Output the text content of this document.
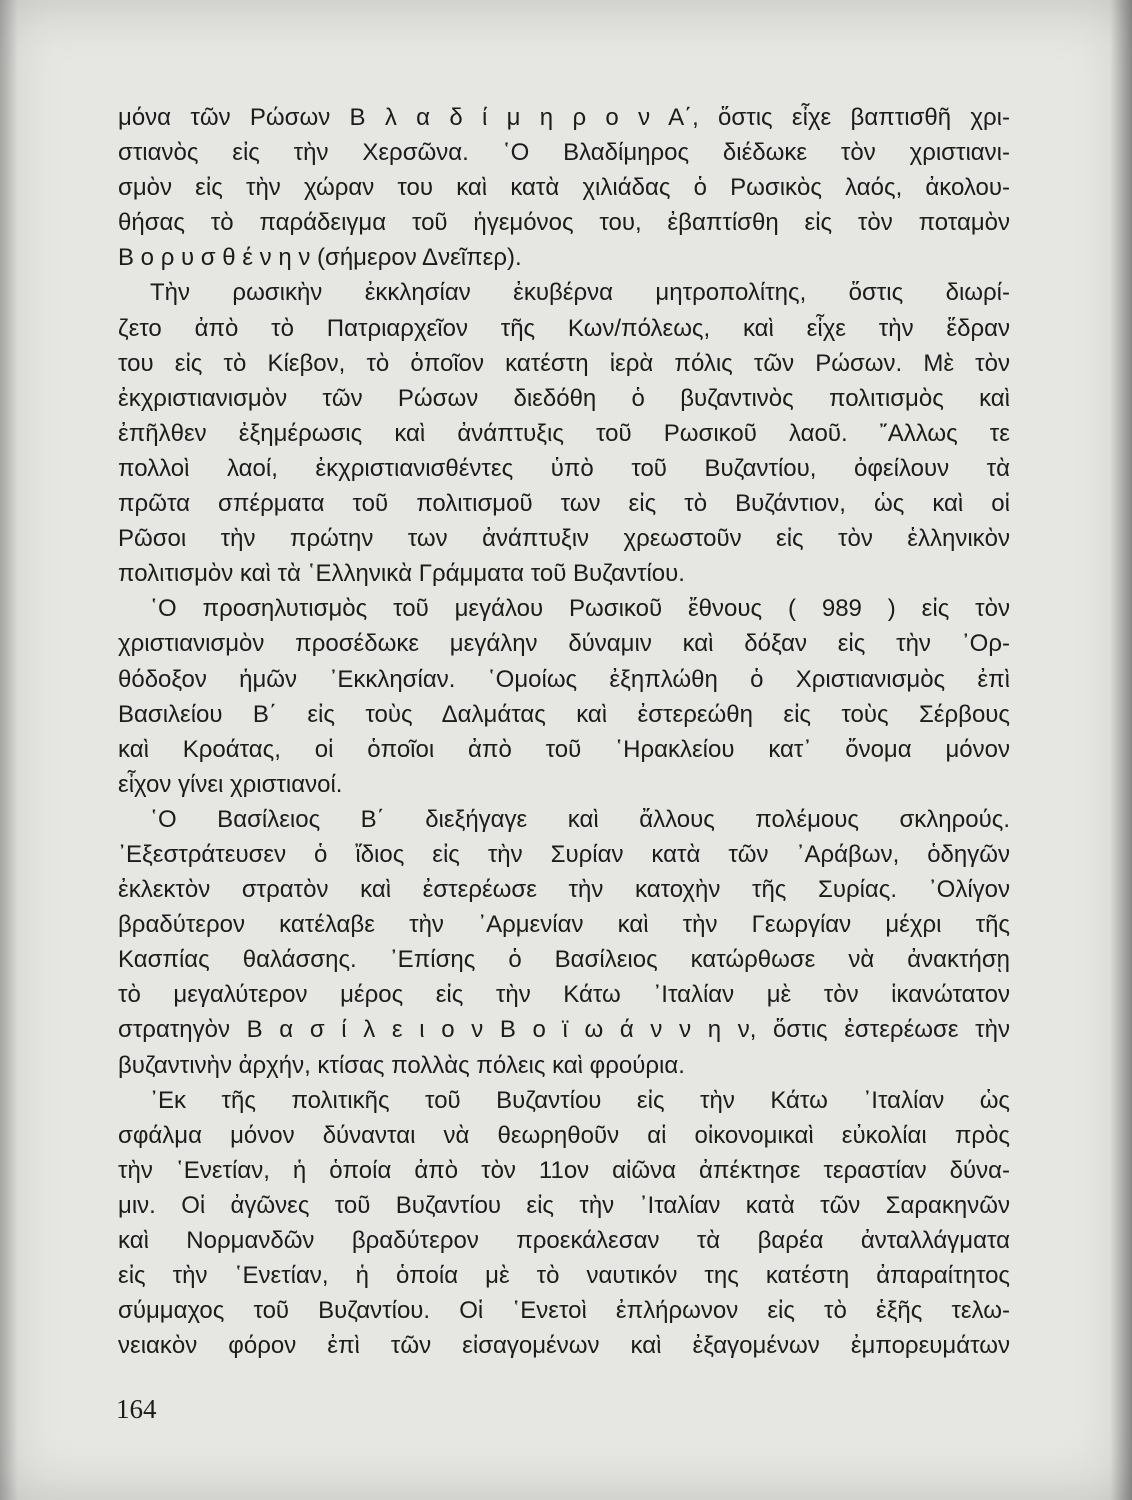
μόνα τῶν Ρώσων Β λ α δ ί μ η ρ ο ν Α΄, ὅστις εἶχε βαπτισθῆ χρι-
στιανὸς εἰς τὴν Χερσῶνα. ῾Ο Βλαδίμηρος διέδωκε τὸν χριστιανι-
σμὸν εἰς τὴν χώραν του καὶ κατὰ χιλιάδας ὁ Ρωσικὸς λαός, ἀκολου-
θήσας τὸ παράδειγμα τοῦ ἡγεμόνος του, ἐβαπτίσθη εἰς τὸν ποταμὸν
Β ο ρ υ σ θ έ ν η ν (σήμερον Δνεῖπερ).
Τὴν ρωσικὴν ἐκκλησίαν ἐκυβέρνα μητροπολίτης, ὅστις διωρί-
ζετο ἀπὸ τὸ Πατριαρχεῖον τῆς Κων/πόλεως, καὶ εἶχε τὴν ἕδραν
του εἰς τὸ Κίεβον, τὸ ὁποῖον κατέστη ἱερὰ πόλις τῶν Ρώσων. Μὲ τὸν
ἐκχριστιανισμὸν τῶν Ρώσων διεδόθη ὁ βυζαντινὸς πολιτισμὸς καὶ
ἐπῆλθεν ἐξημέρωσις καὶ ἀνάπτυξις τοῦ Ρωσικοῦ λαοῦ. ῎Αλλως τε
πολλοὶ λαοί, ἐκχριστιανισθέντες ὑπὸ τοῦ Βυζαντίου, ὀφείλουν τὰ
πρῶτα σπέρματα τοῦ πολιτισμοῦ των εἰς τὸ Βυζάντιον, ὡς καὶ οἱ
Ρῶσοι τὴν πρώτην των ἀνάπτυξιν χρεωστοῦν εἰς τὸν ἑλληνικὸν
πολιτισμὸν καὶ τὰ ῾Ελληνικὰ Γράμματα τοῦ Βυζαντίου.
῾Ο προσηλυτισμὸς τοῦ μεγάλου Ρωσικοῦ ἔθνους ( 989 ) εἰς τὸν
χριστιανισμὸν προσέδωκε μεγάλην δύναμιν καὶ δόξαν εἰς τὴν ᾿Ορ-
θόδοξον ἡμῶν ᾿Εκκλησίαν. ῾Ομοίως ἐξηπλώθη ὁ Χριστιανισμὸς ἐπὶ
Βασιλείου Β΄ εἰς τοὺς Δαλμάτας καὶ ἐστερεώθη εἰς τοὺς Σέρβους
καὶ Κροάτας, οἱ ὁποῖοι ἀπὸ τοῦ ῾Ηρακλείου κατ᾿ ὄνομα μόνον
εἶχον γίνει χριστιανοί.
῾Ο Βασίλειος Β΄ διεξήγαγε καὶ ἄλλους πολέμους σκληρούς.
᾿Εξεστράτευσεν ὁ ἴδιος εἰς τὴν Συρίαν κατὰ τῶν ᾿Αράβων, ὁδηγῶν
ἐκλεκτὸν στρατὸν καὶ ἐστερέωσε τὴν κατοχὴν τῆς Συρίας. ᾿Ολίγον
βραδύτερον κατέλαβε τὴν ᾿Αρμενίαν καὶ τὴν Γεωργίαν μέχρι τῆς
Κασπίας θαλάσσης. ᾿Επίσης ὁ Βασίλειος κατώρθωσε νὰ ἀνακτήσῃ
τὸ μεγαλύτερον μέρος εἰς τὴν Κάτω ᾿Ιταλίαν μὲ τὸν ἱκανώτατον
στρατηγὸν Β α σ ί λ ε ι ο ν Β ο ϊ ω ά ν ν η ν, ὅστις ἐστερέωσε τὴν
βυζαντινὴν ἀρχήν, κτίσας πολλὰς πόλεις καὶ φρούρια.
᾿Εκ τῆς πολιτικῆς τοῦ Βυζαντίου εἰς τὴν Κάτω ᾿Ιταλίαν ὡς
σφάλμα μόνον δύνανται νὰ θεωρηθοῦν αἱ οἰκονομικαὶ εὐκολίαι πρὸς
τὴν ῾Ενετίαν, ἡ ὁποία ἀπὸ τὸν 11ον αἰῶνα ἀπέκτησε τεραστίαν δύνα-
μιν. Οἱ ἀγῶνες τοῦ Βυζαντίου εἰς τὴν ᾿Ιταλίαν κατὰ τῶν Σαρακηνῶν
καὶ Νορμανδῶν βραδύτερον προεκάλεσαν τὰ βαρέα ἀνταλλάγματα
εἰς τὴν ῾Ενετίαν, ἡ ὁποία μὲ τὸ ναυτικόν της κατέστη ἀπαραίτητος
σύμμαχος τοῦ Βυζαντίου. Οἱ ῾Ενετοὶ ἐπλήρωνον εἰς τὸ ἑξῆς τελω-
νειακὸν φόρον ἐπὶ τῶν εἰσαγομένων καὶ ἐξαγομένων ἐμπορευμάτων
164
